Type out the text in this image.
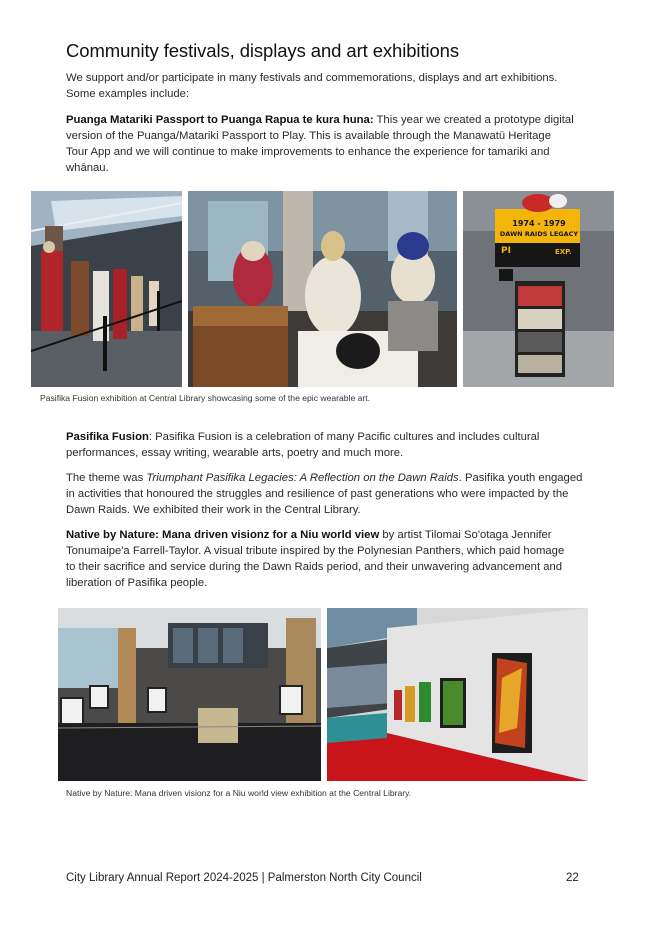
Community festivals, displays and art exhibitions

We support and/or participate in many festivals and commemorations, displays and art exhibitions.
Some examples include:

Puanga Matariki Passport to Puanga Rapua te kura huna: This year we created a prototype digital
version of the Puanga/Matariki Passport to Play. This is available through the Manawatū Heritage
Tour App and we will continue to make improvements to enhance the experience for tamariki and
whānau.

1974 - 1979
DAWN RAIDS LEGACY
PI	EXP.
Pasifika Fusion exhibition at Central Library showcasing some of the epic wearable art.

Pasifika Fusion: Pasifika Fusion is a celebration of many Pacific cultures and includes cultural
performances, essay writing, wearable arts, poetry and much more.

The theme was Triumphant Pasifika Legacies: A Reflection on the Dawn Raids. Pasifika youth engaged
in activities that honoured the struggles and resilience of past generations who were impacted by the
Dawn Raids. We exhibited their work in the Central Library.

Native by Nature: Mana driven visionz for a Niu world view by artist Tilomai So'otaga Jennifer
Tonumaipe'a Farrell-Taylor. A visual tribute inspired by the Polynesian Panthers, which paid homage
to their sacrifice and service during the Dawn Raids period, and their unwavering advancement and
liberation of Pasifika people.

Native by Nature: Mana driven visionz for a Niu world view exhibition at the Central Library.
City Library Annual Report 2024-2025 | Palmerston North City Council	22
